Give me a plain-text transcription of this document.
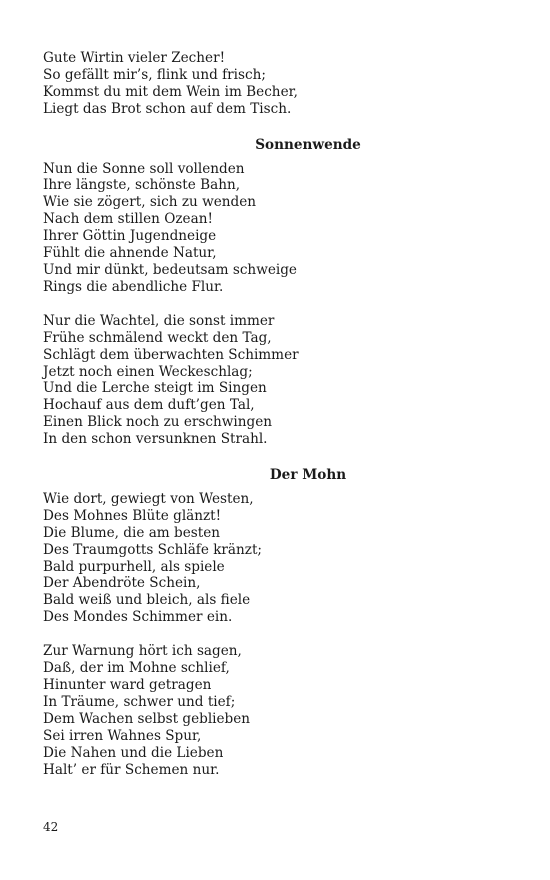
Gute Wirtin vieler Zecher!
So gefällt mir’s, flink und frisch;
Kommst du mit dem Wein im Becher,
Liegt das Brot schon auf dem Tisch.
Sonnenwende
Nun die Sonne soll vollenden
Ihre längste, schönste Bahn,
Wie sie zögert, sich zu wenden
Nach dem stillen Ozean!
Ihrer Göttin Jugendneige
Fühlt die ahnende Natur,
Und mir dünkt, bedeutsam schweige
Rings die abendliche Flur.
Nur die Wachtel, die sonst immer
Frühe schmälend weckt den Tag,
Schlägt dem überwachten Schimmer
Jetzt noch einen Weckeschlag;
Und die Lerche steigt im Singen
Hochauf aus dem duft’gen Tal,
Einen Blick noch zu erschwingen
In den schon versunknen Strahl.
Der Mohn
Wie dort, gewiegt von Westen,
Des Mohnes Blüte glänzt!
Die Blume, die am besten
Des Traumgotts Schläfe kränzt;
Bald purpurhell, als spiele
Der Abendröte Schein,
Bald weiß und bleich, als fiele
Des Mondes Schimmer ein.
Zur Warnung hört ich sagen,
Daß, der im Mohne schlief,
Hinunter ward getragen
In Träume, schwer und tief;
Dem Wachen selbst geblieben
Sei irren Wahnes Spur,
Die Nahen und die Lieben
Halt’ er für Schemen nur.
42
